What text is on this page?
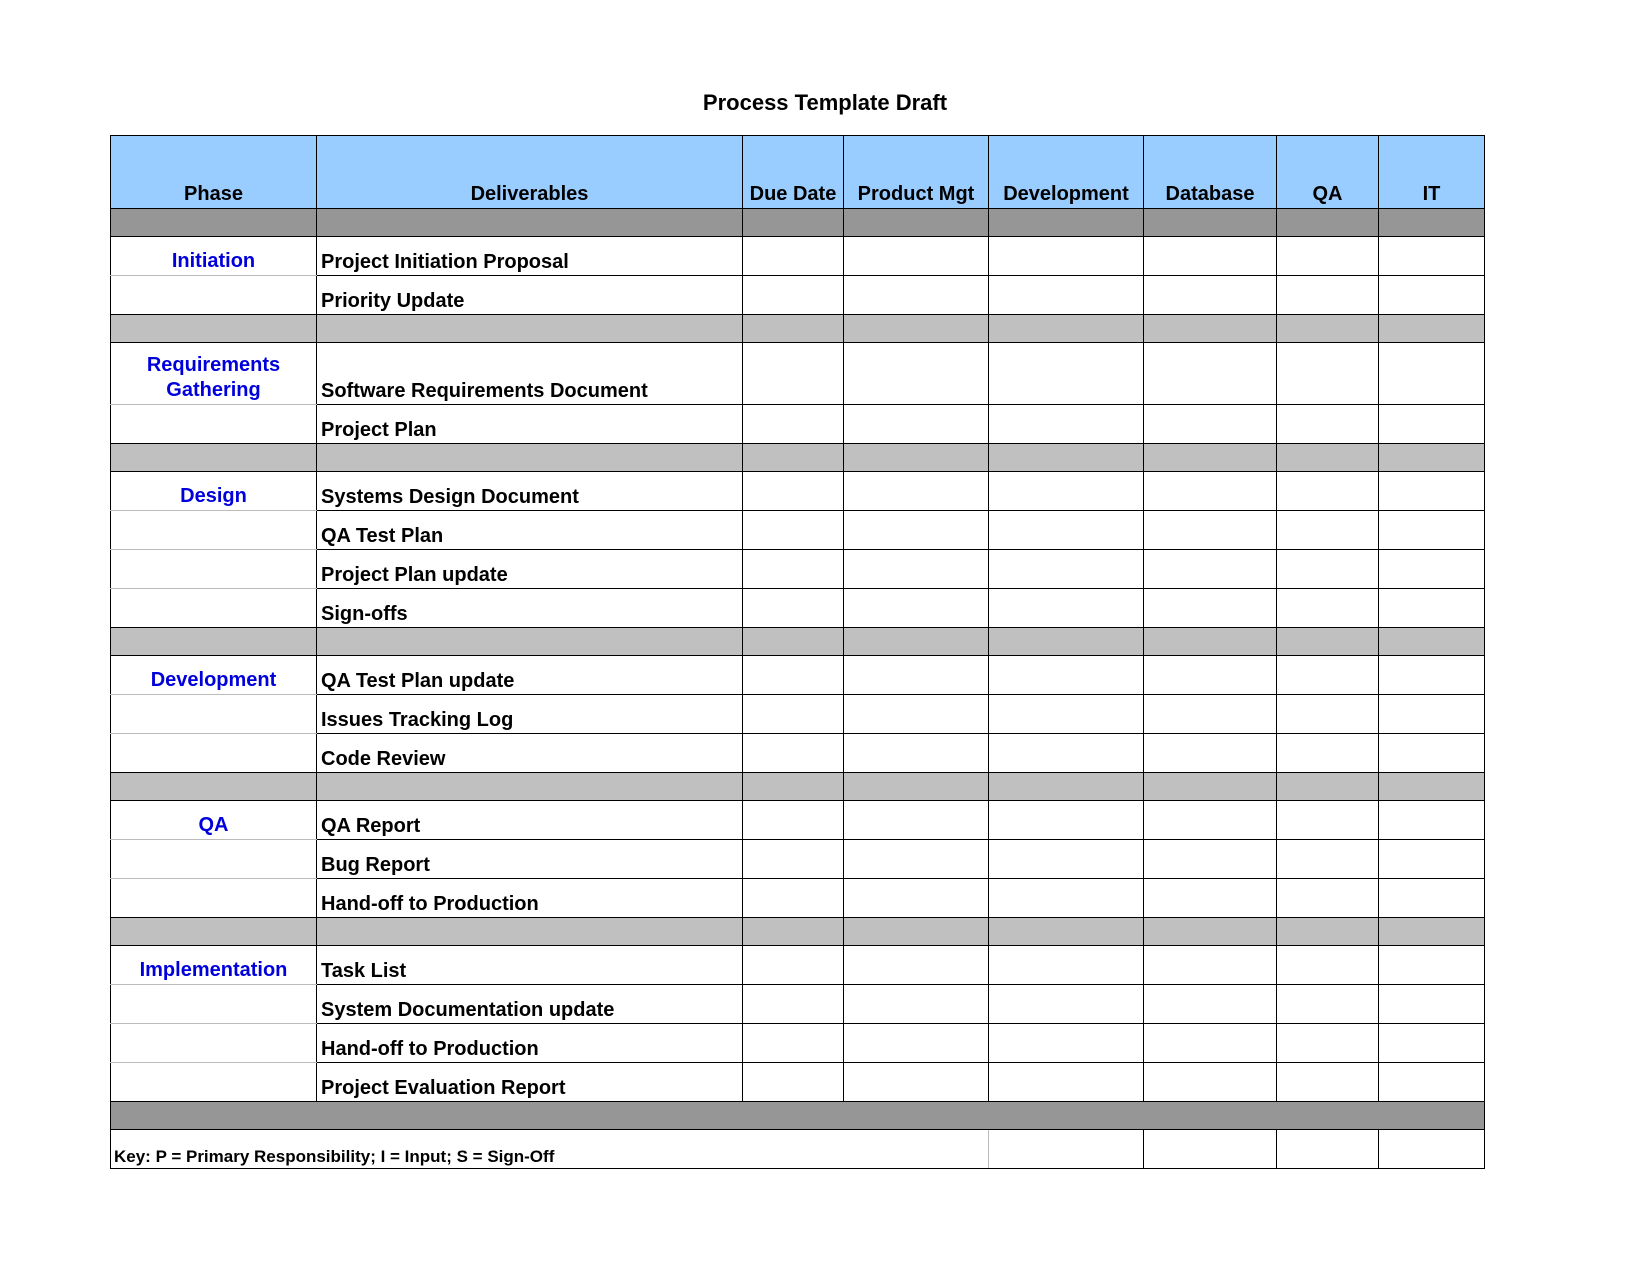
Process Template Draft
Phase	Deliverables	Due Date	Product Mgt	Development	Database	QA	IT

Initiation	Project Initiation Proposal						
	Priority Update						

Requirements Gathering	Software Requirements Document						
	Project Plan						

Design	Systems Design Document						
	QA Test Plan						
	Project Plan update						
	Sign-offs						

Development	QA Test Plan update						
	Issues Tracking Log						
	Code Review						

QA	QA Report						
	Bug Report						
	Hand-off to Production						

Implementation	Task List						
	System Documentation update						
	Hand-off to Production						
	Project Evaluation Report						

Key: P = Primary Responsibility; I = Input; S = Sign-Off							
